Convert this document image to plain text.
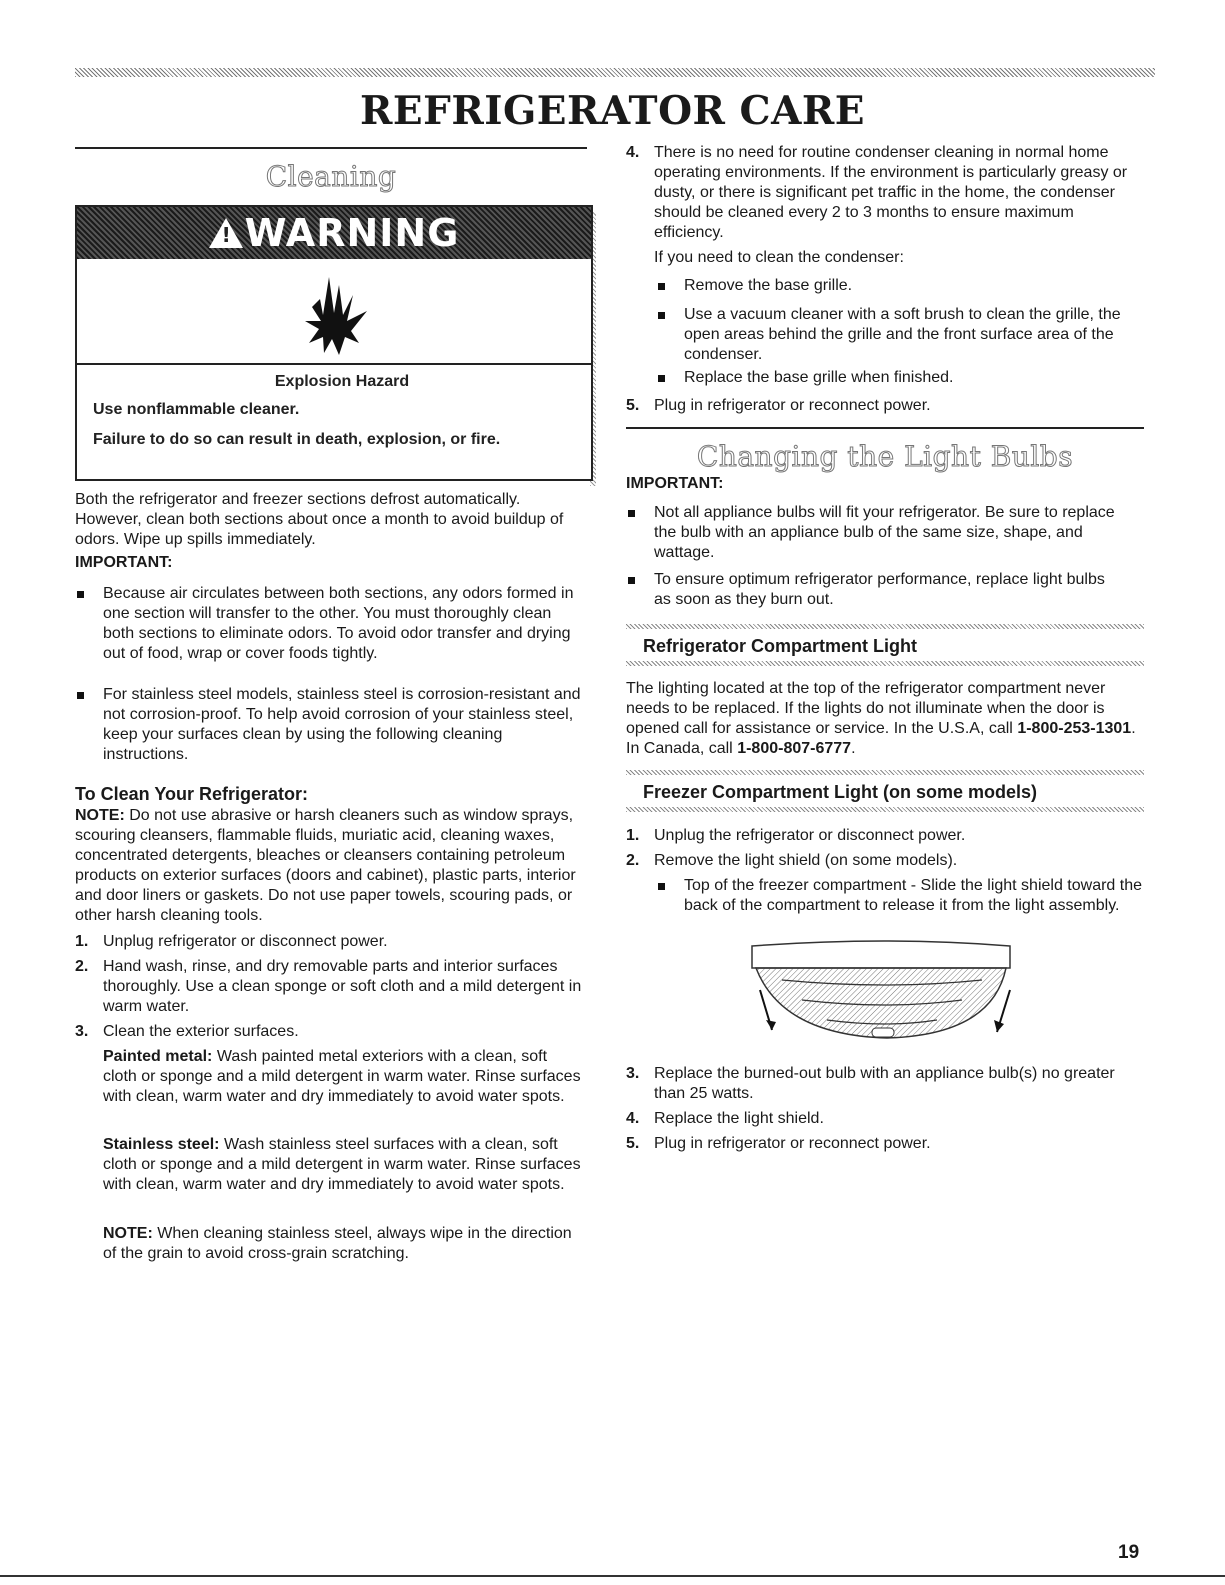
REFRIGERATOR CARE
Cleaning
!
WARNING
Explosion Hazard

Use nonflammable cleaner.

Failure to do so can result in death, explosion, or fire.

Both the refrigerator and freezer sections defrost automatically. However, clean both sections about once a month to avoid buildup of odors. Wipe up spills immediately.
IMPORTANT:
Because air circulates between both sections, any odors formed in one section will transfer to the other. You must thoroughly clean both sections to eliminate odors. To avoid odor transfer and drying out of food, wrap or cover foods tightly.
For stainless steel models, stainless steel is corrosion-resistant and not corrosion-proof. To help avoid corrosion of your stainless steel, keep your surfaces clean by using the following cleaning instructions.
To Clean Your Refrigerator:
NOTE: Do not use abrasive or harsh cleaners such as window sprays, scouring cleansers, flammable fluids, muriatic acid, cleaning waxes, concentrated detergents, bleaches or cleansers containing petroleum products on exterior surfaces (doors and cabinet), plastic parts, interior and door liners or gaskets. Do not use paper towels, scouring pads, or other harsh cleaning tools.
1. Unplug refrigerator or disconnect power.
2. Hand wash, rinse, and dry removable parts and interior surfaces thoroughly. Use a clean sponge or soft cloth and a mild detergent in warm water.
3. Clean the exterior surfaces.
Painted metal: Wash painted metal exteriors with a clean, soft cloth or sponge and a mild detergent in warm water. Rinse surfaces with clean, warm water and dry immediately to avoid water spots.
Stainless steel: Wash stainless steel surfaces with a clean, soft cloth or sponge and a mild detergent in warm water. Rinse surfaces with clean, warm water and dry immediately to avoid water spots.
NOTE: When cleaning stainless steel, always wipe in the direction of the grain to avoid cross-grain scratching.
4. There is no need for routine condenser cleaning in normal home operating environments. If the environment is particularly greasy or dusty, or there is significant pet traffic in the home, the condenser should be cleaned every 2 to 3 months to ensure maximum efficiency.
If you need to clean the condenser:
Remove the base grille.
Use a vacuum cleaner with a soft brush to clean the grille, the open areas behind the grille and the front surface area of the condenser.
Replace the base grille when finished.
5. Plug in refrigerator or reconnect power.
Changing the Light Bulbs
IMPORTANT:
Not all appliance bulbs will fit your refrigerator. Be sure to replace the bulb with an appliance bulb of the same size, shape, and wattage.
To ensure optimum refrigerator performance, replace light bulbs as soon as they burn out.
Refrigerator Compartment Light
The lighting located at the top of the refrigerator compartment never needs to be replaced. If the lights do not illuminate when the door is opened call for assistance or service. In the U.S.A, call 1-800-253-1301. In Canada, call 1-800-807-6777.
Freezer Compartment Light (on some models)
1. Unplug the refrigerator or disconnect power.
2. Remove the light shield (on some models).
Top of the freezer compartment - Slide the light shield toward the back of the compartment to release it from the light assembly.
3. Replace the burned-out bulb with an appliance bulb(s) no greater than 25 watts.
4. Replace the light shield.
5. Plug in refrigerator or reconnect power.
19
